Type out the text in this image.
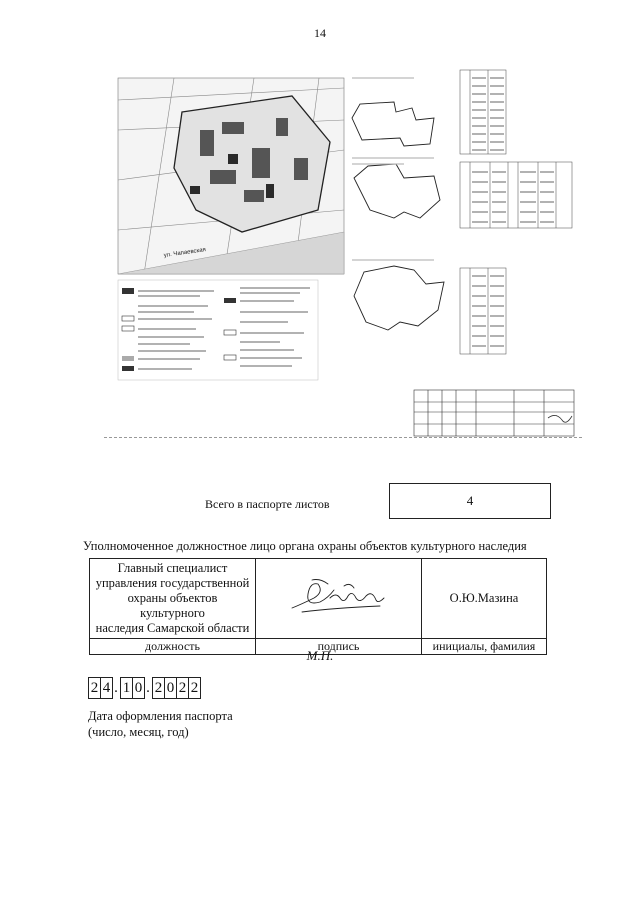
14
ул. Чапаевская
Всего в паспорте листов	4
Уполномоченное должностное лицо органа охраны объектов культурного наследия
Главный специалист
управления государственной
охраны объектов культурного
наследия Самарской области		О.Ю.Мазина
должность	подпись	инициалы, фамилия
М.П.
2 4 . 1 0 . 2 0 2 2
Дата оформления паспорта
(число, месяц, год)
